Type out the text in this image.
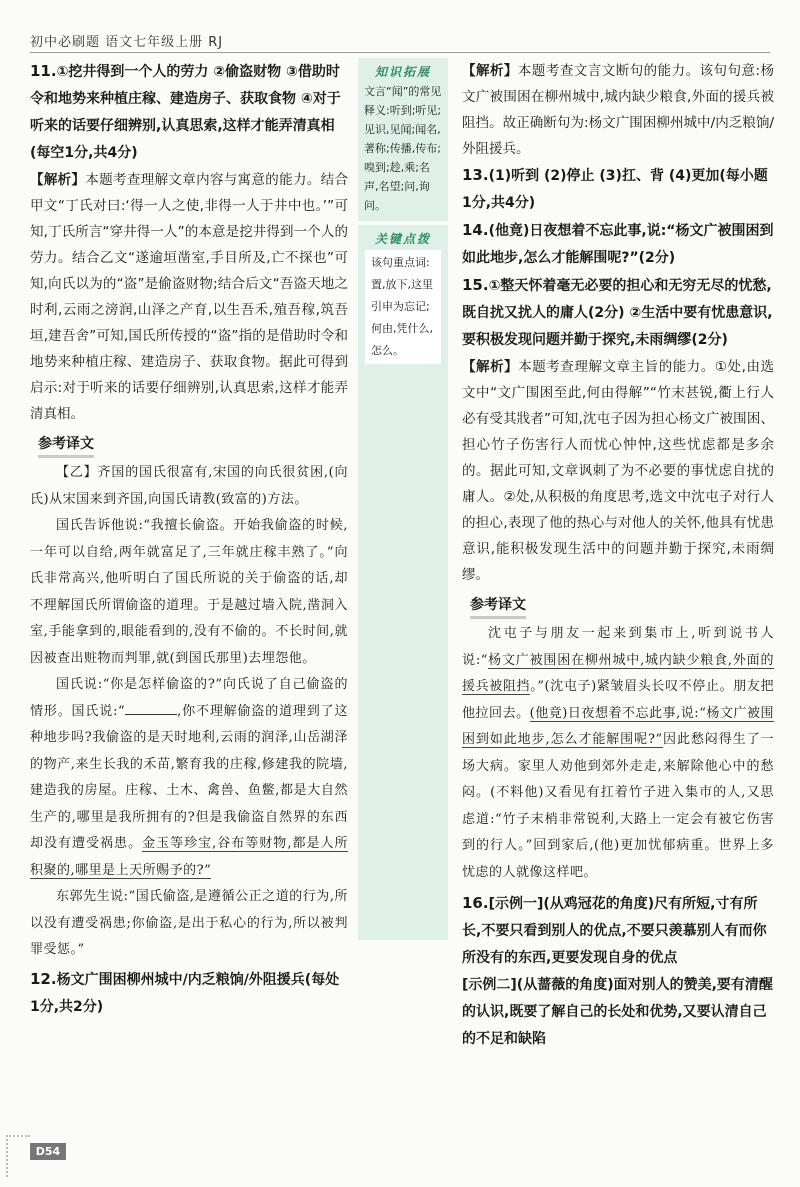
初中必刷题 语文七年级上册 RJ

11.①挖井得到一个人的劳力 ②偷盗财物 ③借助时令和地势来种植庄稼、建造房子、获取食物 ④对于听来的话要仔细辨别,认真思索,这样才能弄清真相(每空1分,共4分)

【解析】本题考查理解文章内容与寓意的能力。结合甲文“丁氏对曰:‘得一人之使,非得一人于井中也。’”可知,丁氏所言“穿井得一人”的本意是挖井得到一个人的劳力。结合乙文“遂逾垣凿室,手目所及,亡不探也”可知,向氏以为的“盗”是偷盗财物;结合后文“吾盗天地之时利,云雨之滂润,山泽之产育,以生吾禾,殖吾稼,筑吾垣,建吾舍”可知,国氏所传授的“盗”指的是借助时令和地势来种植庄稼、建造房子、获取食物。据此可得到启示:对于听来的话要仔细辨别,认真思索,这样才能弄清真相。

参考译文

【乙】齐国的国氏很富有,宋国的向氏很贫困,(向氏)从宋国来到齐国,向国氏请教(致富的)方法。

国氏告诉他说:“我擅长偷盗。开始我偷盗的时候,一年可以自给,两年就富足了,三年就庄稼丰熟了。”向氏非常高兴,他听明白了国氏所说的关于偷盗的话,却不理解国氏所谓偷盗的道理。于是越过墙入院,凿洞入室,手能拿到的,眼能看到的,没有不偷的。不长时间,就因被查出赃物而判罪,就(到国氏那里)去埋怨他。

国氏说:“你是怎样偷盗的?”向氏说了自己偷盗的情形。国氏说:“	,你不理解偷盗的道理到了这种地步吗?我偷盗的是天时地利,云雨的润泽,山岳湖泽的物产,来生长我的禾苗,繁育我的庄稼,修建我的院墙,建造我的房屋。庄稼、土木、禽兽、鱼鳖,都是大自然生产的,哪里是我所拥有的?但是我偷盗自然界的东西却没有遭受祸患。金玉等珍宝,谷布等财物,都是人所积聚的,哪里是上天所赐予的?”

东郭先生说:“国氏偷盗,是遵循公正之道的行为,所以没有遭受祸患;你偷盗,是出于私心的行为,所以被判罪受惩。”

12.杨文广围困柳州城中/内乏粮饷/外阻援兵(每处1分,共2分)

知识拓展

文言“闻”的常见释义:听到;听见;见识,见闻;闻名,著称;传播,传布;嗅到;趁,乘;名声,名望;问,询问。

关键点拨

该句重点词:置,放下,这里引申为忘记;何由,凭什么,怎么。

【解析】本题考查文言文断句的能力。该句句意:杨文广被围困在柳州城中,城内缺少粮食,外面的援兵被阻挡。故正确断句为:杨文广围困柳州城中/内乏粮饷/外阻援兵。

13.(1)听到 (2)停止 (3)扛、背 (4)更加(每小题1分,共4分)

14.(他竟)日夜想着不忘此事,说:“杨文广被围困到如此地步,怎么才能解围呢?”(2分)

15.①整天怀着毫无必要的担心和无穷无尽的忧愁,既自扰又扰人的庸人(2分) ②生活中要有忧患意识,要积极发现问题并勤于探究,未雨绸缪(2分)

【解析】本题考查理解文章主旨的能力。①处,由选文中“文广围困至此,何由得解”“竹末甚锐,衢上行人必有受其戕者”可知,沈屯子因为担心杨文广被围困、担心竹子伤害行人而忧心忡忡,这些忧虑都是多余的。据此可知,文章讽刺了为不必要的事忧虑自扰的庸人。②处,从积极的角度思考,选文中沈屯子对行人的担心,表现了他的热心与对他人的关怀,他具有忧患意识,能积极发现生活中的问题并勤于探究,未雨绸缪。

参考译文

沈屯子与朋友一起来到集市上,听到说书人说:“杨文广被围困在柳州城中,城内缺少粮食,外面的援兵被阻挡。”(沈屯子)紧皱眉头长叹不停止。朋友把他拉回去。(他竟)日夜想着不忘此事,说:“杨文广被围困到如此地步,怎么才能解围呢?”因此愁闷得生了一场大病。家里人劝他到郊外走走,来解除他心中的愁闷。(不料他)又看见有扛着竹子进入集市的人,又思虑道:“竹子末梢非常锐利,大路上一定会有被它伤害到的行人。”回到家后,(他)更加忧郁病重。世界上多忧虑的人就像这样吧。

16.[示例一](从鸡冠花的角度)尺有所短,寸有所长,不要只看到别人的优点,不要只羡慕别人有而你所没有的东西,更要发现自身的优点

[示例二](从蔷薇的角度)面对别人的赞美,要有清醒的认识,既要了解自己的长处和优势,又要认清自己的不足和缺陷

D54
